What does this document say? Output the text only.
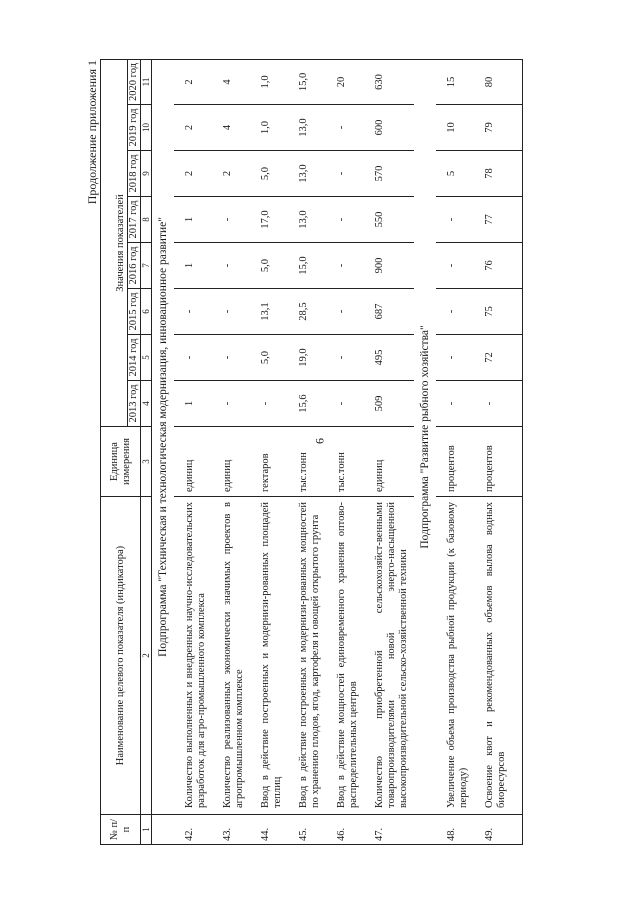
6
Продолжение приложения 1
№ п/п	Наименование целевого показателя (индикатора)	Единица измерения	Значения показателей							
			2013 год	2014 год	2015 год	2016 год	2017 год	2018 год	2019 год	2020 год
1	2	3	4	5	6	7	8	9	10	11
	Подпрограмма "Техническая и технологическая модернизация, инновационное развитие"									
42.	Количество выполненных и внедренных научно-исследовательских разработок для агро-промышленного комплекса	единиц	1	-	-	1	1	2	2	2
43.	Количество реализованных экономически значимых проектов в агропромышленном комплексе	единиц	-	-	-	-	-	2	4	4
44.	Ввод в действие построенных и модернизи-рованных площадей теплиц	гектаров	-	5,0	13,1	5,0	17,0	5,0	1,0	1,0
45.	Ввод в действие построенных и модернизи-рованных мощностей по хранению плодов, ягод, картофеля и овощей открытого грунта	тыс.тонн	15,6	19,0	28,5	15,0	13,0	13,0	13,0	15,0
46.	Ввод в действие мощностей единовременного хранения оптово-распределительных центров	тыс.тонн	-	-	-	-	-	-	-	20
47.	Количество приобретенной сельскохозяйст-венными товаропроизводителями новой энерго-насыщенной высокопроизводительной сельско-хозяйственной техники	единиц	509	495	687	900	550	570	600	630
	Подпрограмма "Развитие рыбного хозяйства"									
48.	Увеличение объема производства рыбной продукции (к базовому периоду)	процентов	-	-	-	-	-	5	10	15
49.	Освоение квот и рекомендованных объемов вылова водных биоресурсов	процентов	-	72	75	76	77	78	79	80
